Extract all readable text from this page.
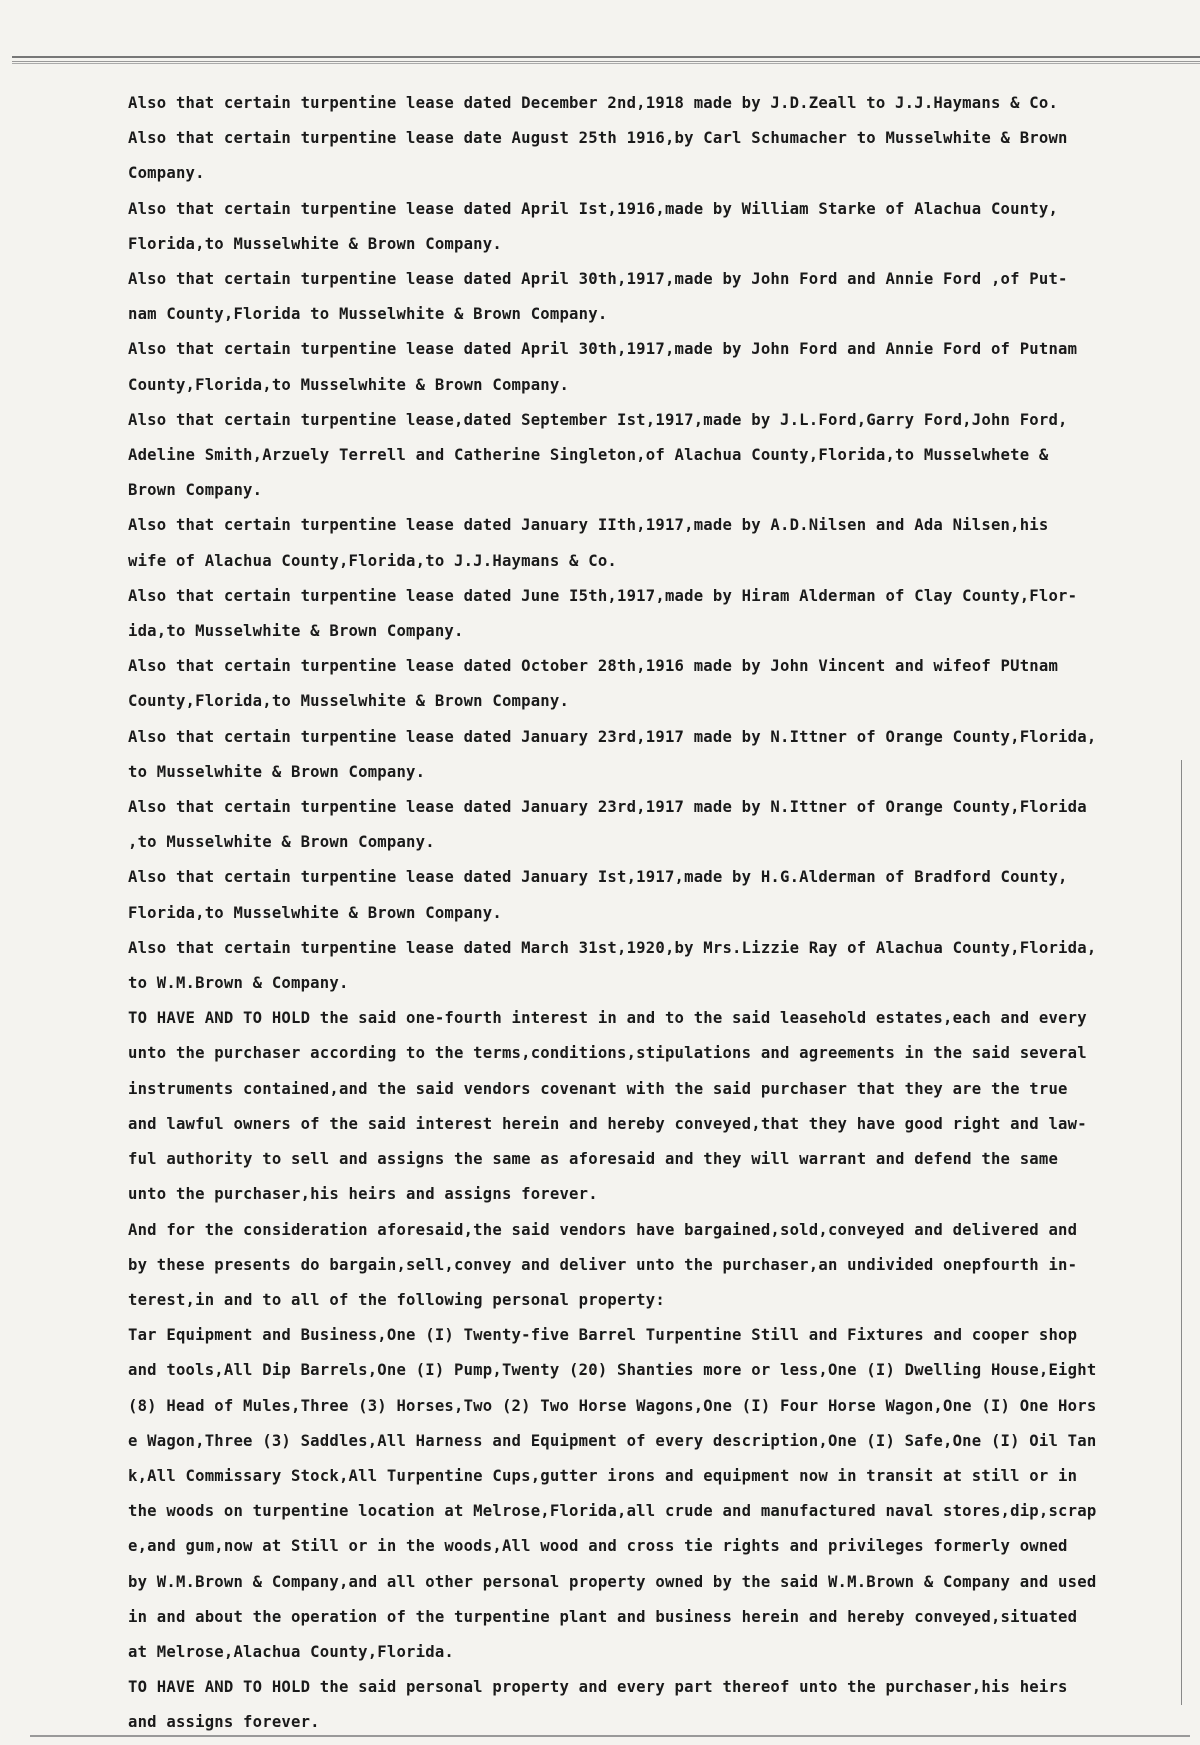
Also that certain turpentine lease dated December 2nd,1918 made by J.D.Zeall to J.J.Haymans & Co.

Also that certain turpentine lease date August 25th 1916,by Carl Schumacher to Musselwhite & Brown
Company.

Also that certain turpentine lease dated April Ist,1916,made by William Starke of Alachua County,
Florida,to Musselwhite & Brown Company.

Also that certain turpentine lease dated April 30th,1917,made by John Ford and Annie Ford ,of Put-
nam County,Florida to Musselwhite & Brown Company.

Also that certain turpentine lease dated April 30th,1917,made by John Ford and Annie Ford of Putnam
County,Florida,to Musselwhite & Brown Company.

Also that certain turpentine lease,dated September Ist,1917,made by J.L.Ford,Garry Ford,John Ford,
Adeline Smith,Arzuely Terrell and Catherine Singleton,of Alachua County,Florida,to Musselwhete &
Brown Company.

Also that certain turpentine lease dated January IIth,1917,made by A.D.Nilsen and Ada Nilsen,his
wife of Alachua County,Florida,to J.J.Haymans & Co.

Also that certain turpentine lease dated June I5th,1917,made by Hiram Alderman of Clay County,Flor-
ida,to Musselwhite & Brown Company.

Also that certain turpentine lease dated October 28th,1916 made by John Vincent and wifeof PUtnam
County,Florida,to Musselwhite & Brown Company.

Also that certain turpentine lease dated January 23rd,1917 made by N.Ittner of Orange County,Florida,
to Musselwhite & Brown Company.

Also that certain turpentine lease dated January 23rd,1917 made by N.Ittner of Orange County,Florida
,to Musselwhite & Brown Company.

Also that certain turpentine lease dated January Ist,1917,made by H.G.Alderman of Bradford County,
Florida,to Musselwhite & Brown Company.

Also that certain turpentine lease dated March 31st,1920,by Mrs.Lizzie Ray of Alachua County,Florida,
to W.M.Brown & Company.

TO HAVE AND TO HOLD the said one-fourth interest in and to the said leasehold estates,each and every
unto the purchaser according to the terms,conditions,stipulations and agreements in the said several
instruments contained,and the said vendors covenant with the said purchaser that they are the true
and lawful owners of the said interest herein and hereby conveyed,that they have good right and law-
ful authority to sell and assigns the same as aforesaid and they will warrant and defend the same
unto the purchaser,his heirs and assigns forever.

And for the consideration aforesaid,the said vendors have bargained,sold,conveyed and delivered and
by these presents do bargain,sell,convey and deliver unto the purchaser,an undivided onepfourth in-
terest,in and to all of the following personal property:

Tar Equipment and Business,One (I) Twenty-five Barrel Turpentine Still and Fixtures and cooper shop
and tools,All Dip Barrels,One (I) Pump,Twenty (20) Shanties more or less,One (I) Dwelling House,Eight
(8) Head of Mules,Three (3) Horses,Two (2) Two Horse Wagons,One (I) Four Horse Wagon,One (I) One Hors
e Wagon,Three (3) Saddles,All Harness and Equipment of every description,One (I) Safe,One (I) Oil Tan
k,All Commissary Stock,All Turpentine Cups,gutter irons and equipment now in transit at still or in
the woods on turpentine location at Melrose,Florida,all crude and manufactured naval stores,dip,scrap
e,and gum,now at Still or in the woods,All wood and cross tie rights and privileges formerly owned
by W.M.Brown & Company,and all other personal property owned by the said W.M.Brown & Company and used
in and about the operation of the turpentine plant and business herein and hereby conveyed,situated
at Melrose,Alachua County,Florida.

TO HAVE AND TO HOLD the said personal property and every part thereof unto the purchaser,his heirs
and assigns forever.
